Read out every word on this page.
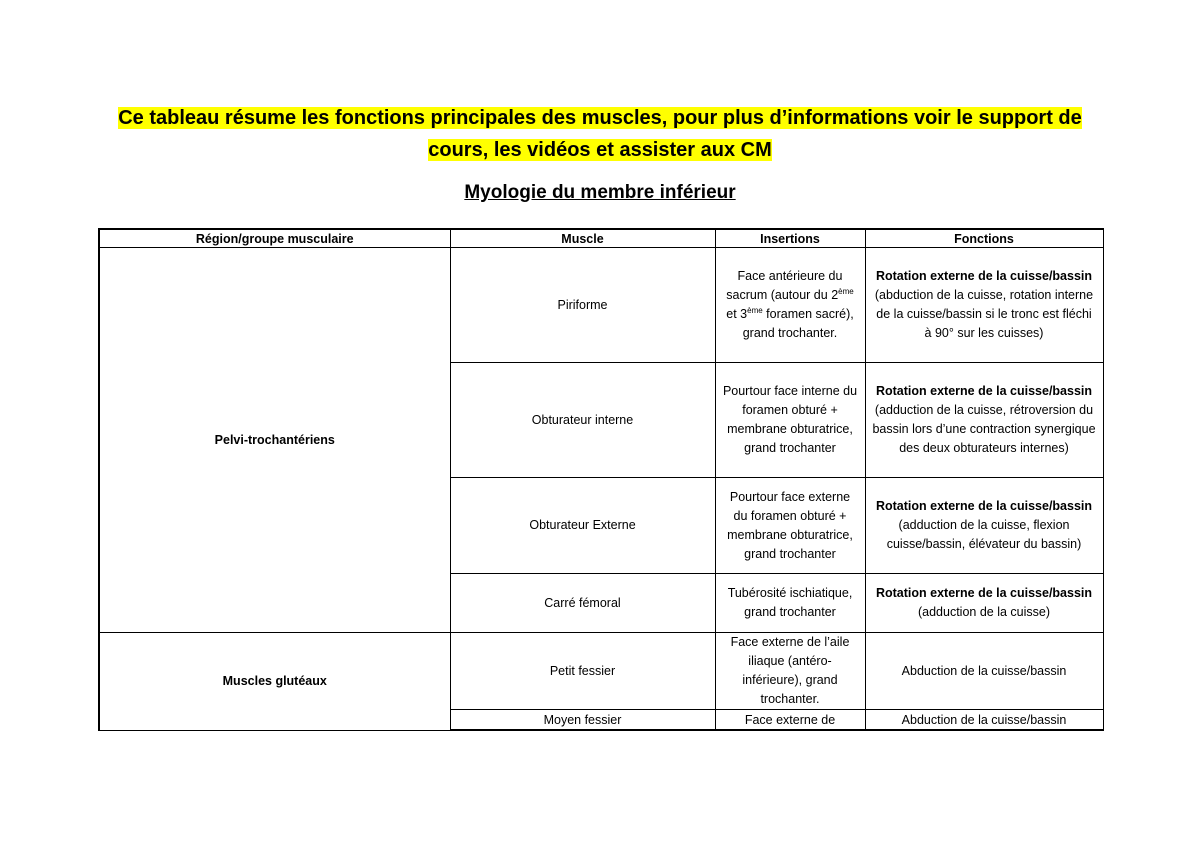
Ce tableau résume les fonctions principales des muscles, pour plus d’informations voir le support de
cours, les vidéos et assister aux CM
Myologie du membre inférieur
Région/groupe musculaire	Muscle	Insertions	Fonctions
Pelvi-trochantériens	Piriforme	Face antérieure du sacrum (autour du 2ème et 3ème foramen sacré), grand trochanter.	Rotation externe de la cuisse/bassin
(abduction de la cuisse, rotation interne de la cuisse/bassin si le tronc est fléchi à 90° sur les cuisses)

	Obturateur interne	Pourtour face interne du foramen obturé + membrane obturatrice, grand trochanter	Rotation externe de la cuisse/bassin
(adduction de la cuisse, rétroversion du bassin lors d’une contraction synergique des deux obturateurs internes)

	Obturateur Externe	Pourtour face externe du foramen obturé + membrane obturatrice, grand trochanter	Rotation externe de la cuisse/bassin
(adduction de la cuisse, flexion cuisse/bassin, élévateur du bassin)

	Carré fémoral	Tubérosité ischiatique, grand trochanter	Rotation externe de la cuisse/bassin
(adduction de la cuisse)

Muscles glutéaux	Petit fessier	Face externe de l’aile iliaque (antéro-inférieure), grand trochanter.	Abduction de la cuisse/bassin
	Moyen fessier	Face externe de	Abduction de la cuisse/bassin
